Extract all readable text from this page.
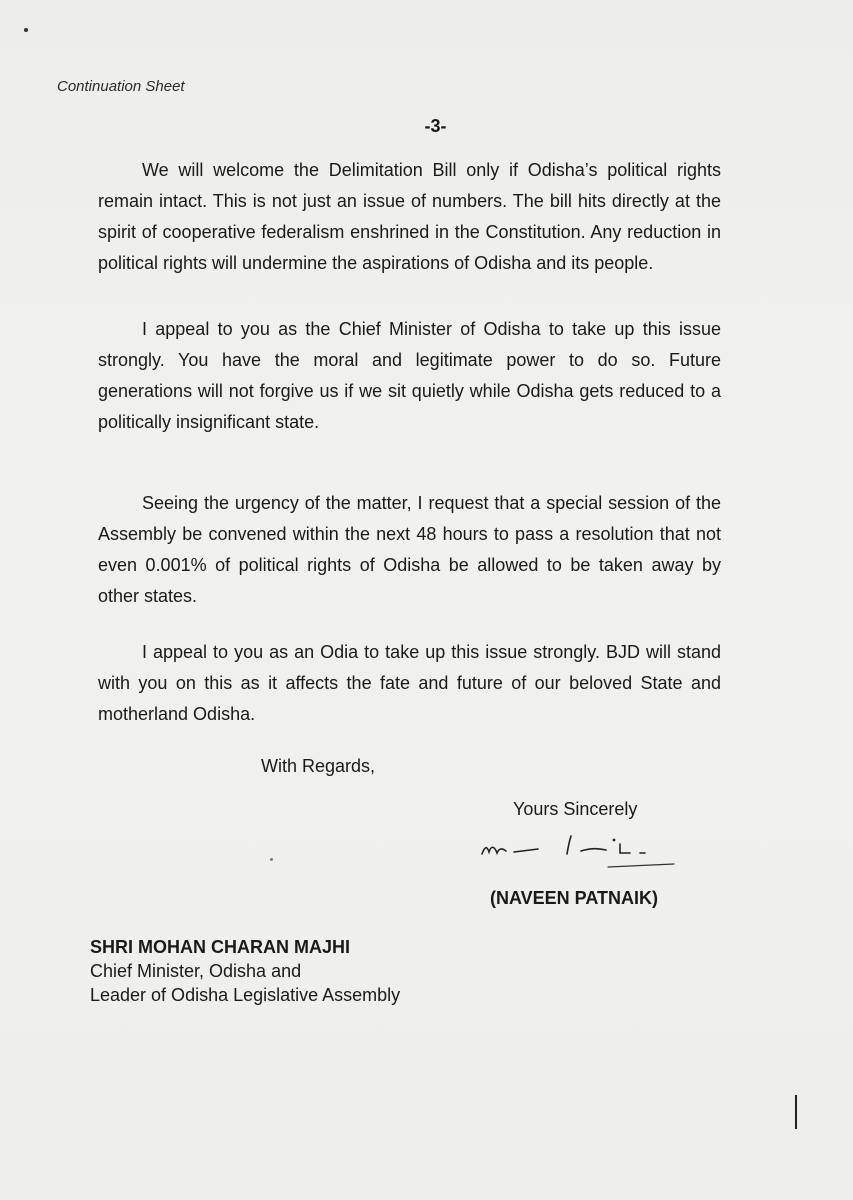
Continuation Sheet
-3-

We will welcome the Delimitation Bill only if Odisha’s political rights remain intact. This is not just an issue of numbers. The bill hits directly at the spirit of cooperative federalism enshrined in the Constitution. Any reduction in political rights will undermine the aspirations of Odisha and its people.

I appeal to you as the Chief Minister of Odisha to take up this issue strongly. You have the moral and legitimate power to do so. Future generations will not forgive us if we sit quietly while Odisha gets reduced to a politically insignificant state.

Seeing the urgency of the matter, I request that a special session of the Assembly be convened within the next 48 hours to pass a resolution that not even 0.001% of political rights of Odisha be allowed to be taken away by other states.

I appeal to you as an Odia to take up this issue strongly. BJD will stand with you on this as it affects the fate and future of our beloved State and motherland Odisha.

With Regards,
Yours Sincerely
(NAVEEN PATNAIK)
SHRI MOHAN CHARAN MAJHI
Chief Minister, Odisha and
Leader of Odisha Legislative Assembly
